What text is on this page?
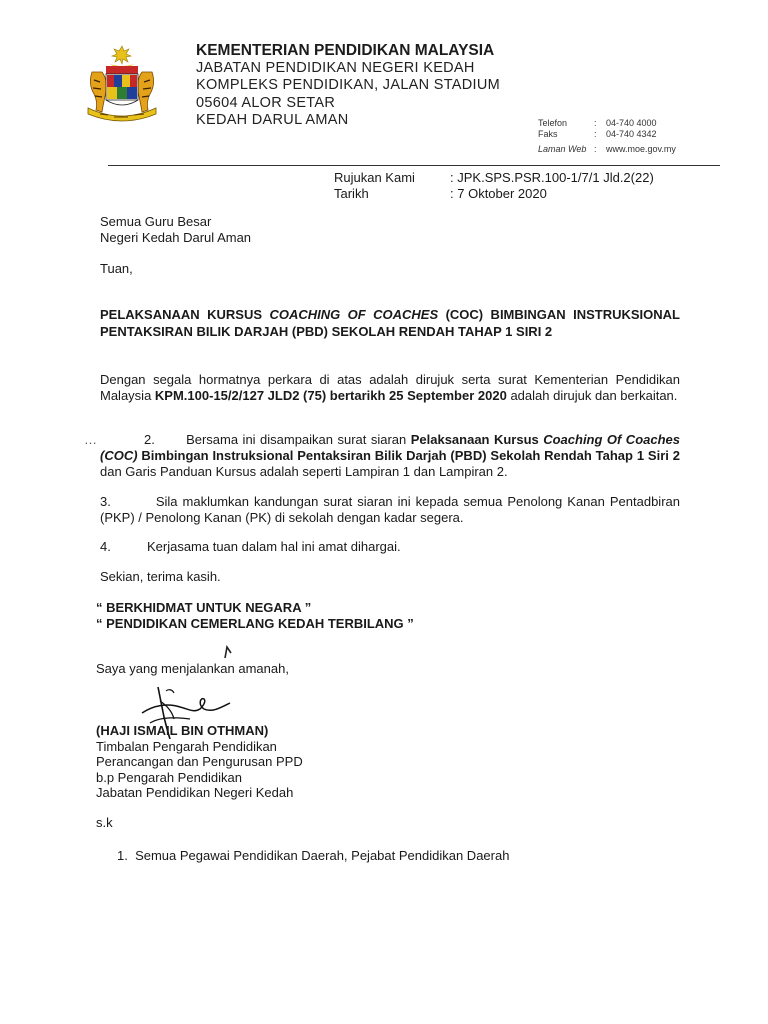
KEMENTERIAN PENDIDIKAN MALAYSIA
JABATAN PENDIDIKAN NEGERI KEDAH
KOMPLEKS PENDIDIKAN, JALAN STADIUM
05604 ALOR SETAR
KEDAH DARUL AMAN	Telefon	:	04-740 4000
Faks	:	04-740 4342
Laman Web :	www.moe.gov.my
Rujukan Kami	: JPK.SPS.PSR.100-1/7/1 Jld.2(22)
Tarikh	: 7 Oktober 2020
Semua Guru Besar
Negeri Kedah Darul Aman
Tuan,
PELAKSANAAN KURSUS COACHING OF COACHES (COC) BIMBINGAN INSTRUKSIONAL PENTAKSIRAN BILIK DARJAH (PBD) SEKOLAH RENDAH TAHAP 1 SIRI 2
Dengan segala hormatnya perkara di atas adalah dirujuk serta surat Kementerian Pendidikan Malaysia KPM.100-15/2/127 JLD2 (75) bertarikh 25 September 2020 adalah dirujuk dan berkaitan.
…	2. Bersama ini disampaikan surat siaran Pelaksanaan Kursus Coaching Of Coaches (COC) Bimbingan Instruksional Pentaksiran Bilik Darjah (PBD) Sekolah Rendah Tahap 1 Siri 2 dan Garis Panduan Kursus adalah seperti Lampiran 1 dan Lampiran 2.
3.	Sila maklumkan kandungan surat siaran ini kepada semua Penolong Kanan Pentadbiran (PKP) / Penolong Kanan (PK) di sekolah dengan kadar segera.
4.	Kerjasama tuan dalam hal ini amat dihargai.
Sekian, terima kasih.
“ BERKHIDMAT UNTUK NEGARA ”
“ PENDIDIKAN CEMERLANG KEDAH TERBILANG ”
Saya yang menjalankan amanah,
(HAJI ISMAIL BIN OTHMAN)
Timbalan Pengarah Pendidikan
Perancangan dan Pengurusan PPD
b.p Pengarah Pendidikan
Jabatan Pendidikan Negeri Kedah
s.k
1. Semua Pegawai Pendidikan Daerah, Pejabat Pendidikan Daerah
